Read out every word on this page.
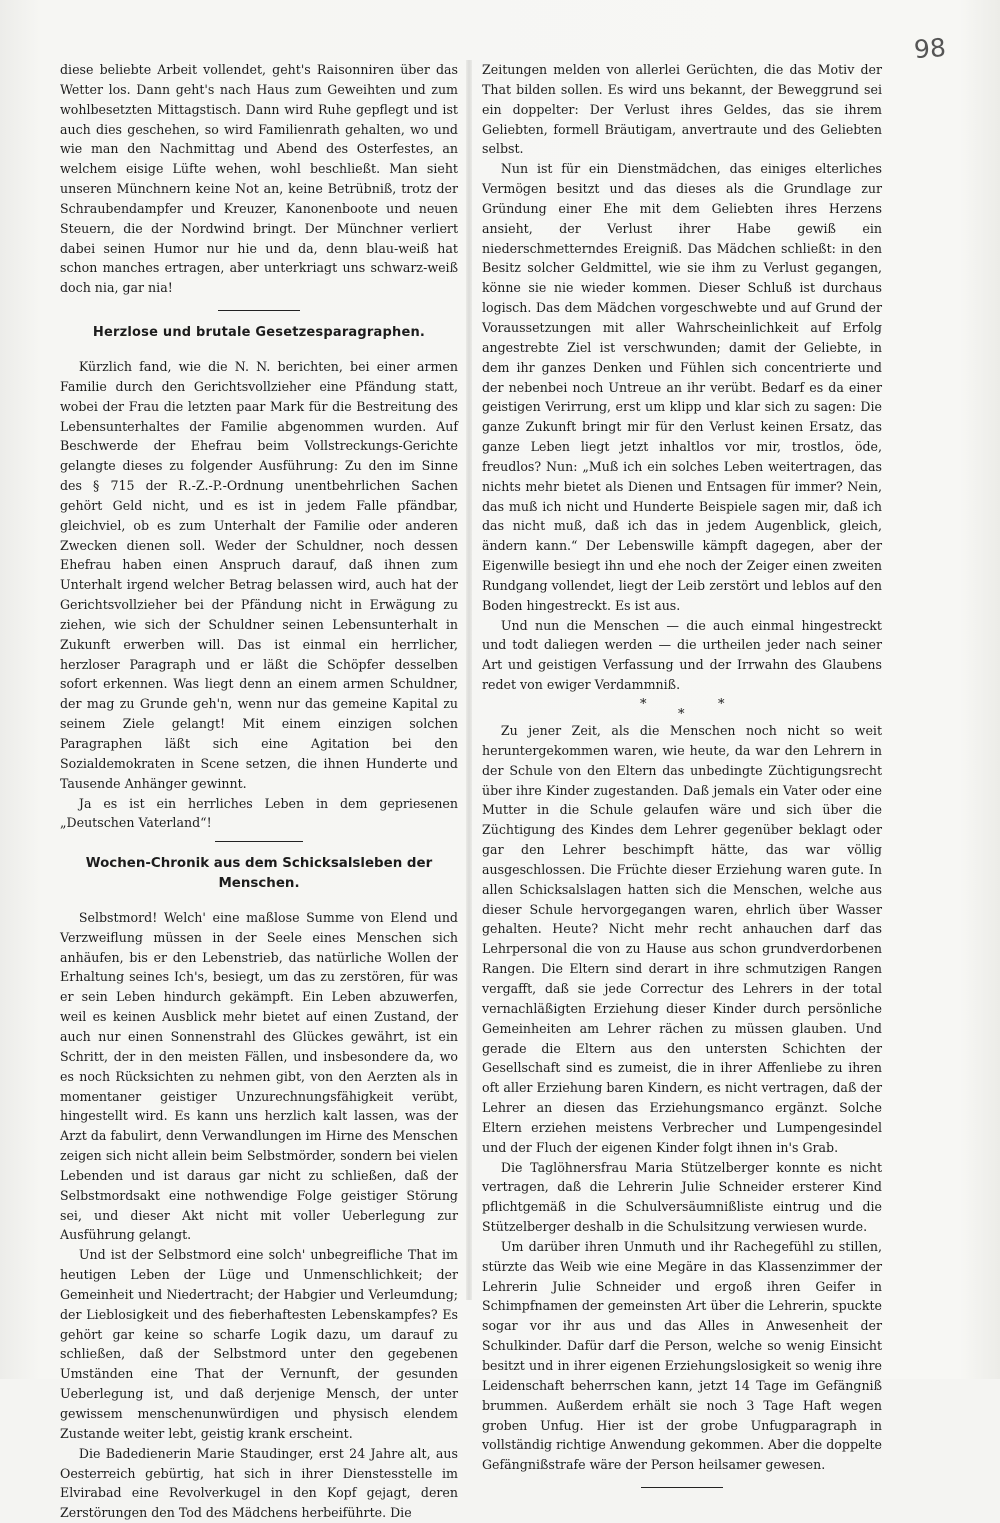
98

diese beliebte Arbeit vollendet, geht's Raisonniren über das Wetter los. Dann geht's nach Haus zum Geweihten und zum wohlbesetzten Mittagstisch. Dann wird Ruhe gepflegt und ist auch dies geschehen, so wird Familienrath gehalten, wo und wie man den Nachmittag und Abend des Osterfestes, an welchem eisige Lüfte wehen, wohl beschließt. Man sieht unseren Münchnern keine Not an, keine Betrübniß, trotz der Schraubendampfer und Kreuzer, Kanonenboote und neuen Steuern, die der Nordwind bringt. Der Münchner verliert dabei seinen Humor nur hie und da, denn blau-weiß hat schon manches ertragen, aber unterkriagt uns schwarz-weiß doch nia, gar nia!

Herzlose und brutale Gesetzesparagraphen.

Kürzlich fand, wie die N. N. berichten, bei einer armen Familie durch den Gerichtsvollzieher eine Pfändung statt, wobei der Frau die letzten paar Mark für die Bestreitung des Lebensunterhaltes der Familie abgenommen wurden. Auf Beschwerde der Ehefrau beim Vollstreckungs-Gerichte gelangte dieses zu folgender Ausführung: Zu den im Sinne des § 715 der R.-Z.-P.-Ordnung unentbehrlichen Sachen gehört Geld nicht, und es ist in jedem Falle pfändbar, gleichviel, ob es zum Unterhalt der Familie oder anderen Zwecken dienen soll. Weder der Schuldner, noch dessen Ehefrau haben einen Anspruch darauf, daß ihnen zum Unterhalt irgend welcher Betrag belassen wird, auch hat der Gerichtsvollzieher bei der Pfändung nicht in Erwägung zu ziehen, wie sich der Schuldner seinen Lebensunterhalt in Zukunft erwerben will. Das ist einmal ein herrlicher, herzloser Paragraph und er läßt die Schöpfer desselben sofort erkennen. Was liegt denn an einem armen Schuldner, der mag zu Grunde geh'n, wenn nur das gemeine Kapital zu seinem Ziele gelangt! Mit einem einzigen solchen Paragraphen läßt sich eine Agitation bei den Sozialdemokraten in Scene setzen, die ihnen Hunderte und Tausende Anhänger gewinnt.

Ja es ist ein herrliches Leben in dem gepriesenen „Deutschen Vaterland“!

Wochen-Chronik aus dem Schicksalsleben der Menschen.

Selbstmord! Welch' eine maßlose Summe von Elend und Verzweiflung müssen in der Seele eines Menschen sich anhäufen, bis er den Lebenstrieb, das natürliche Wollen der Erhaltung seines Ich's, besiegt, um das zu zerstören, für was er sein Leben hindurch gekämpft. Ein Leben abzuwerfen, weil es keinen Ausblick mehr bietet auf einen Zustand, der auch nur einen Sonnenstrahl des Glückes gewährt, ist ein Schritt, der in den meisten Fällen, und insbesondere da, wo es noch Rücksichten zu nehmen gibt, von den Aerzten als in momentaner geistiger Unzurechnungsfähigkeit verübt, hingestellt wird. Es kann uns herzlich kalt lassen, was der Arzt da fabulirt, denn Verwandlungen im Hirne des Menschen zeigen sich nicht allein beim Selbstmörder, sondern bei vielen Lebenden und ist daraus gar nicht zu schließen, daß der Selbstmordsakt eine nothwendige Folge geistiger Störung sei, und dieser Akt nicht mit voller Ueberlegung zur Ausführung gelangt.

Und ist der Selbstmord eine solch' unbegreifliche That im heutigen Leben der Lüge und Unmenschlichkeit; der Gemeinheit und Niedertracht; der Habgier und Verleumdung; der Lieblosigkeit und des fieberhaftesten Lebenskampfes? Es gehört gar keine so scharfe Logik dazu, um darauf zu schließen, daß der Selbstmord unter den gegebenen Umständen eine That der Vernunft, der gesunden Ueberlegung ist, und daß derjenige Mensch, der unter gewissem menschenunwürdigen und physisch elendem Zustande weiter lebt, geistig krank erscheint.

Die Badedienerin Marie Staudinger, erst 24 Jahre alt, aus Oesterreich gebürtig, hat sich in ihrer Dienstesstelle im Elvirabad eine Revolverkugel in den Kopf gejagt, deren Zerstörungen den Tod des Mädchens herbeiführte. Die

Zeitungen melden von allerlei Gerüchten, die das Motiv der That bilden sollen. Es wird uns bekannt, der Beweggrund sei ein doppelter: Der Verlust ihres Geldes, das sie ihrem Geliebten, formell Bräutigam, anvertraute und des Geliebten selbst.

Nun ist für ein Dienstmädchen, das einiges elterliches Vermögen besitzt und das dieses als die Grundlage zur Gründung einer Ehe mit dem Geliebten ihres Herzens ansieht, der Verlust ihrer Habe gewiß ein niederschmetterndes Ereigniß. Das Mädchen schließt: in den Besitz solcher Geldmittel, wie sie ihm zu Verlust gegangen, könne sie nie wieder kommen. Dieser Schluß ist durchaus logisch. Das dem Mädchen vorgeschwebte und auf Grund der Voraussetzungen mit aller Wahrscheinlichkeit auf Erfolg angestrebte Ziel ist verschwunden; damit der Geliebte, in dem ihr ganzes Denken und Fühlen sich concentrierte und der nebenbei noch Untreue an ihr verübt. Bedarf es da einer geistigen Verirrung, erst um klipp und klar sich zu sagen: Die ganze Zukunft bringt mir für den Verlust keinen Ersatz, das ganze Leben liegt jetzt inhaltlos vor mir, trostlos, öde, freudlos? Nun: „Muß ich ein solches Leben weitertragen, das nichts mehr bietet als Dienen und Entsagen für immer? Nein, das muß ich nicht und Hunderte Beispiele sagen mir, daß ich das nicht muß, daß ich das in jedem Augenblick, gleich, ändern kann.“ Der Lebenswille kämpft dagegen, aber der Eigenwille besiegt ihn und ehe noch der Zeiger einen zweiten Rundgang vollendet, liegt der Leib zerstört und leblos auf den Boden hingestreckt. Es ist aus.

Und nun die Menschen — die auch einmal hingestreckt und todt daliegen werden — die urtheilen jeder nach seiner Art und geistigen Verfassung und der Irrwahn des Glaubens redet von ewiger Verdammniß.

*
*
*

Zu jener Zeit, als die Menschen noch nicht so weit heruntergekommen waren, wie heute, da war den Lehrern in der Schule von den Eltern das unbedingte Züchtigungsrecht über ihre Kinder zugestanden. Daß jemals ein Vater oder eine Mutter in die Schule gelaufen wäre und sich über die Züchtigung des Kindes dem Lehrer gegenüber beklagt oder gar den Lehrer beschimpft hätte, das war völlig ausgeschlossen. Die Früchte dieser Erziehung waren gute. In allen Schicksalslagen hatten sich die Menschen, welche aus dieser Schule hervorgegangen waren, ehrlich über Wasser gehalten. Heute? Nicht mehr recht anhauchen darf das Lehrpersonal die von zu Hause aus schon grundverdorbenen Rangen. Die Eltern sind derart in ihre schmutzigen Rangen vergafft, daß sie jede Correctur des Lehrers in der total vernachläßigten Erziehung dieser Kinder durch persönliche Gemeinheiten am Lehrer rächen zu müssen glauben. Und gerade die Eltern aus den untersten Schichten der Gesellschaft sind es zumeist, die in ihrer Affenliebe zu ihren oft aller Erziehung baren Kindern, es nicht vertragen, daß der Lehrer an diesen das Erziehungsmanco ergänzt. Solche Eltern erziehen meistens Verbrecher und Lumpengesindel und der Fluch der eigenen Kinder folgt ihnen in's Grab.

Die Taglöhnersfrau Maria Stützelberger konnte es nicht vertragen, daß die Lehrerin Julie Schneider ersterer Kind pflichtgemäß in die Schulversäumnißliste eintrug und die Stützelberger deshalb in die Schulsitzung verwiesen wurde.

Um darüber ihren Unmuth und ihr Rachegefühl zu stillen, stürzte das Weib wie eine Megäre in das Klassenzimmer der Lehrerin Julie Schneider und ergoß ihren Geifer in Schimpfnamen der gemeinsten Art über die Lehrerin, spuckte sogar vor ihr aus und das Alles in Anwesenheit der Schulkinder. Dafür darf die Person, welche so wenig Einsicht besitzt und in ihrer eigenen Erziehungslosigkeit so wenig ihre Leidenschaft beherrschen kann, jetzt 14 Tage im Gefängniß brummen. Außerdem erhält sie noch 3 Tage Haft wegen groben Unfug. Hier ist der grobe Unfugparagraph in vollständig richtige Anwendung gekommen. Aber die doppelte Gefängnißstrafe wäre der Person heilsamer gewesen.
